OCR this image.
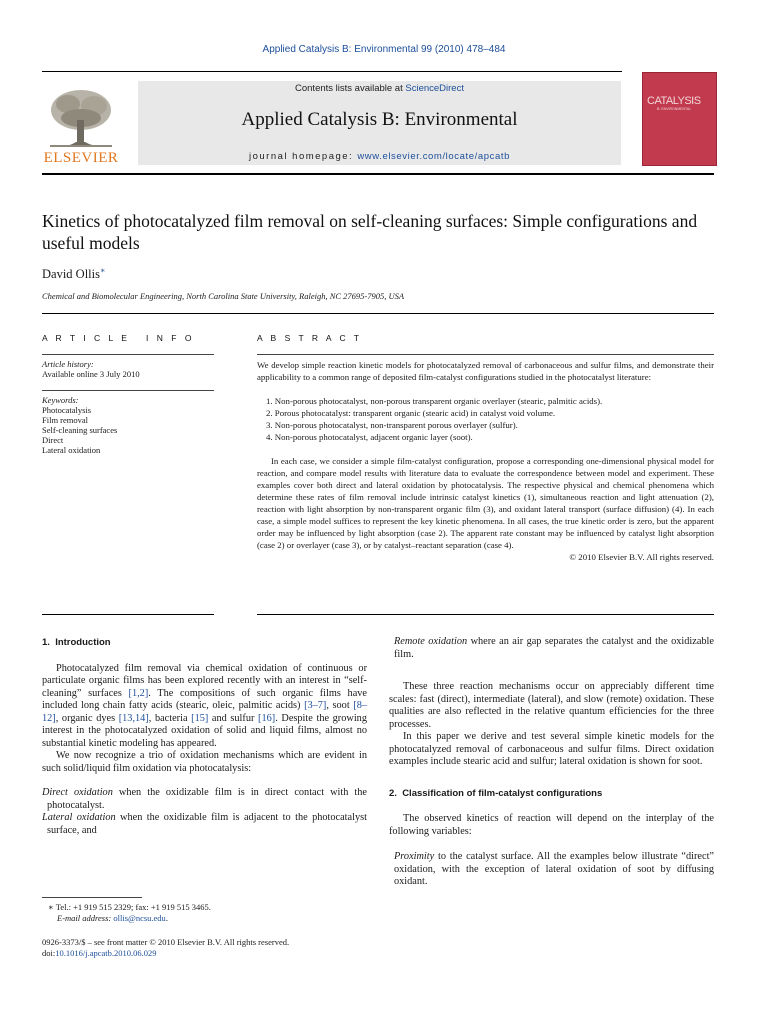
Applied Catalysis B: Environmental 99 (2010) 478–484
ELSEVIER
Contents lists available at ScienceDirect
Applied Catalysis B: Environmental
journal homepage: www.elsevier.com/locate/apcatb
CATALYSIS
B: ENVIRONMENTAL
Kinetics of photocatalyzed film removal on self-cleaning surfaces: Simple configurations and useful models
David Ollis∗
Chemical and Biomolecular Engineering, North Carolina State University, Raleigh, NC 27695-7905, USA
A R T I C L E   I N F O
Article history:
Available online 3 July 2010
Keywords:
Photocatalysis
Film removal
Self-cleaning surfaces
Direct
Lateral oxidation
A B S T R A C T

We develop simple reaction kinetic models for photocatalyzed removal of carbonaceous and sulfur films, and demonstrate their applicability to a common range of deposited film-catalyst configurations studied in the photocatalyst literature:

1. Non-porous photocatalyst, non-porous transparent organic overlayer (stearic, palmitic acids).
2. Porous photocatalyst: transparent organic (stearic acid) in catalyst void volume.
3. Non-porous photocatalyst, non-transparent porous overlayer (sulfur).
4. Non-porous photocatalyst, adjacent organic layer (soot).

In each case, we consider a simple film-catalyst configuration, propose a corresponding one-dimensional physical model for reaction, and compare model results with literature data to evaluate the correspondence between model and experiment. These examples cover both direct and lateral oxidation by photocatalysis. The respective physical and chemical phenomena which determine these rates of film removal include intrinsic catalyst kinetics (1), simultaneous reaction and light attenuation (2), reaction with light absorption by non-transparent organic film (3), and oxidant lateral transport (surface diffusion) (4). In each case, a simple model suffices to represent the key kinetic phenomena. In all cases, the true kinetic order is zero, but the apparent order may be influenced by light absorption (case 2). The apparent rate constant may be influenced by catalyst light absorption (case 2) or overlayer (case 3), or by catalyst–reactant separation (case 4).

© 2010 Elsevier B.V. All rights reserved.

1.  Introduction

Photocatalyzed film removal via chemical oxidation of continuous or particulate organic films has been explored recently with an interest in “self-cleaning” surfaces [1,2]. The compositions of such organic films have included long chain fatty acids (stearic, oleic, palmitic acids) [3–7], soot [8–12], organic dyes [13,14], bacteria [15] and sulfur [16]. Despite the growing interest in the photocatalyzed oxidation of solid and liquid films, almost no substantial kinetic modeling has appeared.

We now recognize a trio of oxidation mechanisms which are evident in such solid/liquid film oxidation via photocatalysis:

Direct oxidation when the oxidizable film is in direct contact with the photocatalyst.

Lateral oxidation when the oxidizable film is adjacent to the photocatalyst surface, and

∗ Tel.: +1 919 515 2329; fax: +1 919 515 3465.
E-mail address: ollis@ncsu.edu.
0926-3373/$ – see front matter © 2010 Elsevier B.V. All rights reserved.
doi:10.1016/j.apcatb.2010.06.029

Remote oxidation where an air gap separates the catalyst and the oxidizable film.

These three reaction mechanisms occur on appreciably different time scales: fast (direct), intermediate (lateral), and slow (remote) oxidation. These qualities are also reflected in the relative quantum efficiencies for the three processes.

In this paper we derive and test several simple kinetic models for the photocatalyzed removal of carbonaceous and sulfur films. Direct oxidation examples include stearic acid and sulfur; lateral oxidation is shown for soot.

2.  Classification of film-catalyst configurations

The observed kinetics of reaction will depend on the interplay of the following variables:

Proximity to the catalyst surface. All the examples below illustrate “direct” oxidation, with the exception of lateral oxidation of soot by diffusing oxidant.
